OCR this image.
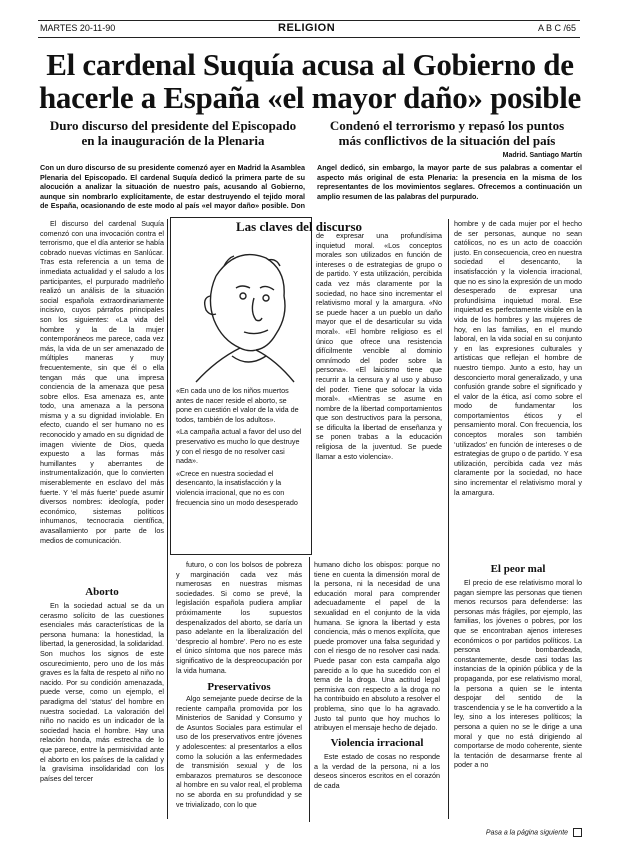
MARTES 20-11-90	RELIGION	A B C /65
El cardenal Suquía acusa al Gobierno de
hacerle a España «el mayor daño» posible
Duro discurso del presidente del Episcopado en la inauguración de la Plenaria
Condenó el terrorismo y repasó los puntos más conflictivos de la situación del país
Madrid. Santiago Martín
Con un duro discurso de su presidente comenzó ayer en Madrid la Asamblea Plenaria del Episcopado. El cardenal Suquía dedicó la primera parte de su alocución a analizar la situación de nuestro país, acusando al Gobierno, aunque sin nombrarlo explícitamente, de estar destruyendo el tejido moral de España, ocasionando de este modo al país «el mayor daño» posible. Don Angel dedicó, sin embargo, la mayor parte de sus palabras a comentar el aspecto más original de esta Plenaria: la presencia en la misma de los representantes de los movimientos seglares. Ofrecemos a continuación un amplio resumen de las palabras del purpurado.

El discurso del cardenal Suquía comenzó con una invocación contra el terrorismo, que el día anterior se había cobrado nuevas víctimas en Sanlúcar. Tras esta referencia a un tema de inmediata actualidad y el saludo a los participantes, el purpurado madrileño realizó un análisis de la situación social española extraordinariamente incisivo, cuyos párrafos principales son los siguientes: «La vida del hombre y la de la mujer contemporáneos me parece, cada vez más, la vida de un ser amenazado de múltiples maneras y muy frecuentemente, sin que él o ella tengan más que una impresa conciencia de la amenaza que pesa sobre ellos. Esa amenaza es, ante todo, una amenaza a la persona misma y a su dignidad inviolable. En efecto, cuando el ser humano no es reconocido y amado en su dignidad de imagen viviente de Dios, queda expuesto a las formas más humillantes y aberrantes de instrumentalización, que lo convierten miserablemente en esclavo del más fuerte. Y ‘el más fuerte’ puede asumir diversos nombres: ideología, poder económico, sistemas políticos inhumanos, tecnocracia científica, avasallamiento por parte de los medios de comunicación.

Aborto

En la sociedad actual se da un cerasmo solícito de las cuestiones esenciales más características de la persona humana: la honestidad, la libertad, la generosidad, la solidaridad. Son muchos los signos de este oscurecimiento, pero uno de los más graves es la falta de respeto al niño no nacido. Por su condición amenazada, puede verse, como un ejemplo, el paradigma del ‘status’ del hombre en nuestra sociedad. La valoración del niño no nacido es un indicador de la sociedad hacia el hombre. Hay una relación honda, más estrecha de lo que parece, entre la permisividad ante el aborto en los países de la calidad y la gravísima insolidaridad con los países del tercer

Las claves del discurso
«En cada uno de los niños muertos antes de nacer reside el aborto, se pone en cuestión el valor de la vida de todos, también de los adultos».
«La campaña actual a favor del uso del preservativo es mucho lo que destruye y con el riesgo de no resolver casi nada».
«Crece en nuestra sociedad el desencanto, la insatisfacción y la violencia irracional, que no es con frecuencia sino un modo desesperado

de expresar una profundísima inquietud moral. «Los conceptos morales son utilizados en función de intereses o de estrategias de grupo o de partido. Y esta utilización, percibida cada vez más claramente por la sociedad, no hace sino incrementar el relativismo moral y la amargura. «No se puede hacer a un pueblo un daño mayor que el de desarticular su vida moral». «El hombre religioso es el único que ofrece una resistencia difícilmente vencible al dominio omnímodo del poder sobre la persona». «El laicismo tiene que recurrir a la censura y al uso y abuso del poder. Tiene que sofocar la vida moral». «Mientras se asume en nombre de la libertad comportamientos que son destructivos para la persona, se dificulta la libertad de enseñanza y se ponen trabas a la educación religiosa de la juventud. Se puede llamar a esto violencia».

futuro, o con los bolsos de pobreza y marginación cada vez más numerosas en nuestras mismas sociedades. Si como se prevé, la legislación española pudiera ampliar próximamente los supuestos despenalizados del aborto, se daría un paso adelante en la liberalización del ‘desprecio al hombre’. Pero no es este el único síntoma que nos parece más significativo de la despreocupación por la vida humana.

Preservativos

Algo semejante puede decirse de la reciente campaña promovida por los Ministerios de Sanidad y Consumo y de Asuntos Sociales para estimular el uso de los preservativos entre jóvenes y adolescentes: al presentarlos a ellos como la solución a las enfermedades de transmisión sexual y de los embarazos prematuros se desconoce al hombre en su valor real, el problema no se aborda en su profundidad y se ve trivializado, con lo que

humano dicho los obispos: porque no tiene en cuenta la dimensión moral de la persona, ni la necesidad de una educación moral para comprender adecuadamente el papel de la sexualidad en el conjunto de la vida humana. Se ignora la libertad y esta conciencia, más o menos explícita, que puede promover una falsa seguridad y con el riesgo de no resolver casi nada. Puede pasar con esta campaña algo parecido a lo que ha sucedido con el tema de la droga. Una actitud legal permisiva con respecto a la droga no ha contribuido en absoluto a resolver el problema, sino que lo ha agravado. Justo tal punto que hoy muchos lo atribuyen el mensaje hecho de dejado.

Violencia irracional

Este estado de cosas no responde a la verdad de la persona, ni a los deseos sinceros escritos en el corazón de cada

hombre y de cada mujer por el hecho de ser personas, aunque no sean católicos, no es un acto de coacción justo. En consecuencia, creo en nuestra sociedad el desencanto, la insatisfacción y la violencia irracional, que no es sino la expresión de un modo desesperado de expresar una profundísima inquietud moral. Ese inquietud es perfectamente visible en la vida de los hombres y las mujeres de hoy, en las familias, en el mundo laboral, en la vida social en su conjunto y en las expresiones culturales y artísticas que reflejan el hombre de nuestro tiempo. Junto a esto, hay un desconcierto moral generalizado, y una confusión grande sobre el significado y el valor de la ética, así como sobre el modo de fundamentar los comportamientos éticos y el pensamiento moral. Con frecuencia, los conceptos morales son también ‘utilizados’ en función de intereses o de estrategias de grupo o de partido. Y esa utilización, percibida cada vez más claramente por la sociedad, no hace sino incrementar el relativismo moral y la amargura.

El peor mal

El precio de ese relativismo moral lo pagan siempre las personas que tienen menos recursos para defenderse: las personas más frágiles, por ejemplo, las familias, los jóvenes o pobres, por los que se encontraban ajenos intereses económicos o por partidos políticos. La persona bombardeada, constantemente, desde casi todas las instancias de la opinión pública y de la propaganda, por ese relativismo moral, la persona a quien se le intenta despojar del sentido de la trascendencia y se le ha convertido a la ley, sino a los intereses políticos; la persona a quien no se le dirige a una moral y que no está dirigiendo al comportarse de modo coherente, siente la tentación de desarmarse frente al poder a no

Pasa a la página siguiente
